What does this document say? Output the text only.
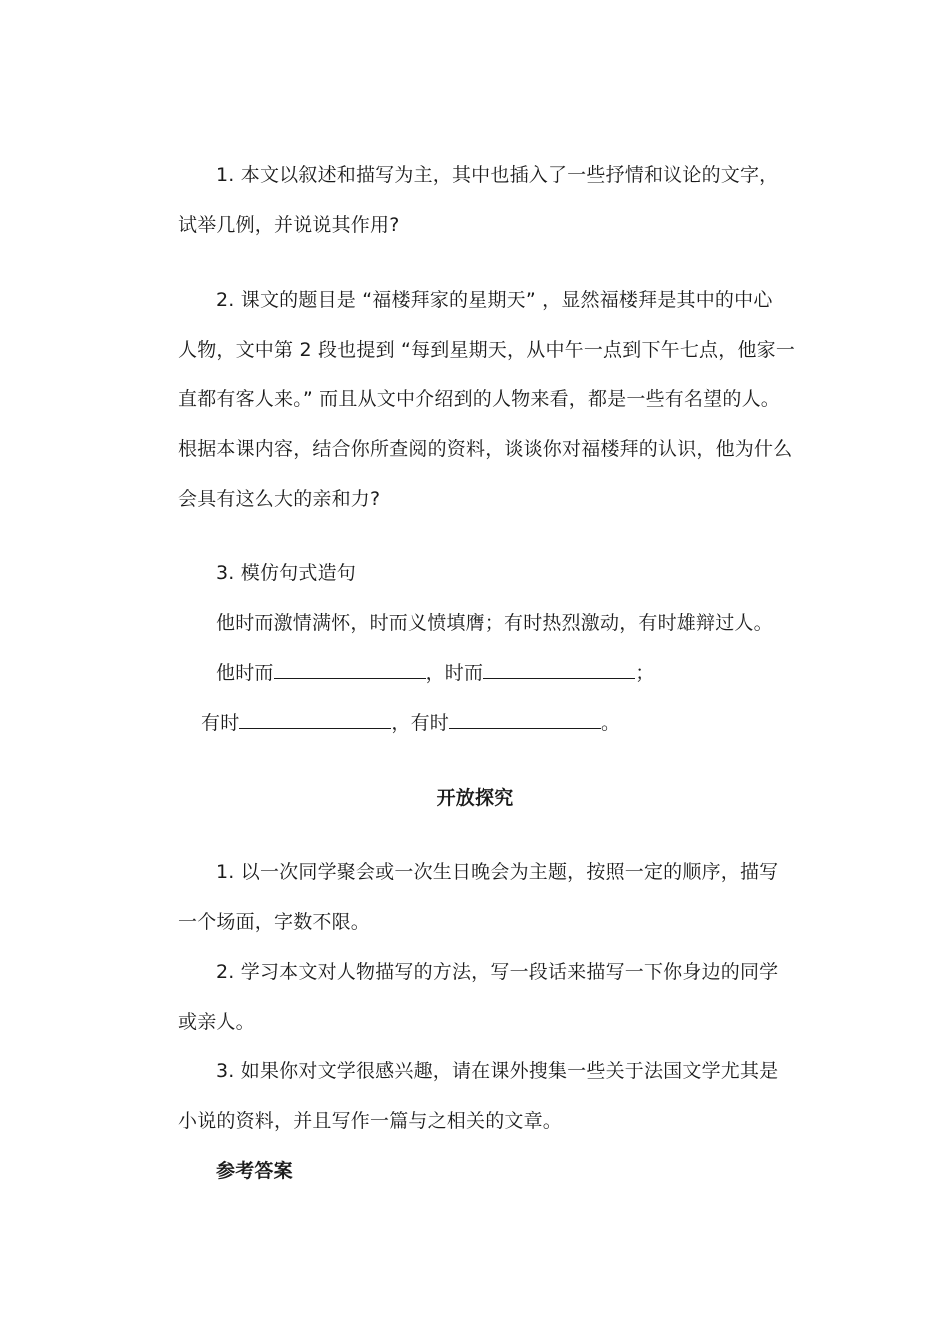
1. 本文以叙述和描写为主，其中也插入了一些抒情和议论的文字，
试举几例，并说说其作用?
2. 课文的题目是 “福楼拜家的星期天” ，显然福楼拜是其中的中心
人物，文中第 2 段也提到 “每到星期天，从中午一点到下午七点，他家一
直都有客人来。” 而且从文中介绍到的人物来看，都是一些有名望的人。
根据本课内容，结合你所查阅的资料，谈谈你对福楼拜的认识，他为什么
会具有这么大的亲和力?
3. 模仿句式造句
他时而激情满怀，时而义愤填膺；有时热烈激动，有时雄辩过人。
他时而	，时而	；
有时	，有时	。
开放探究
1. 以一次同学聚会或一次生日晚会为主题，按照一定的顺序，描写
一个场面，字数不限。
2. 学习本文对人物描写的方法，写一段话来描写一下你身边的同学
或亲人。
3. 如果你对文学很感兴趣，请在课外搜集一些关于法国文学尤其是
小说的资料，并且写作一篇与之相关的文章。
参考答案
